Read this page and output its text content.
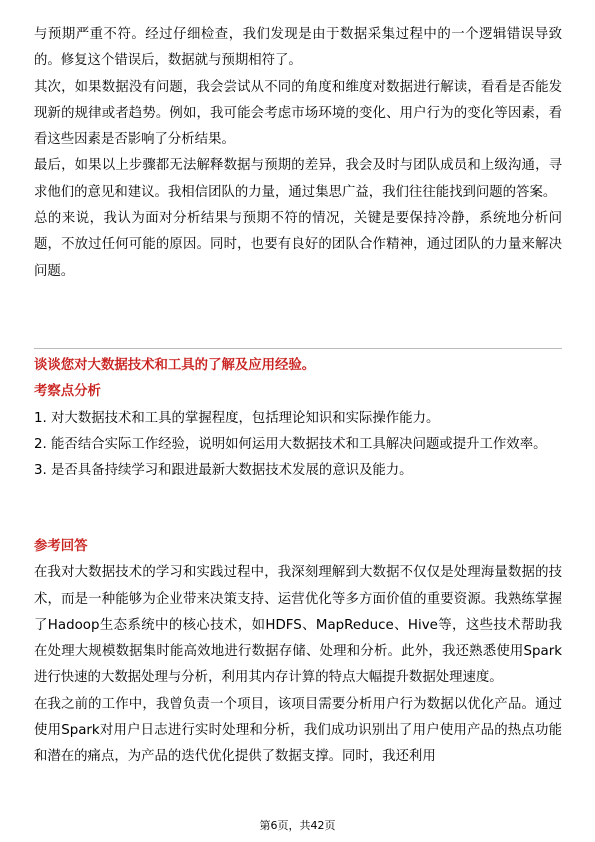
与预期严重不符。经过仔细检查，我们发现是由于数据采集过程中的一个逻辑错误导致的。修复这个错误后，数据就与预期相符了。

其次，如果数据没有问题，我会尝试从不同的角度和维度对数据进行解读，看看是否能发现新的规律或者趋势。例如，我可能会考虑市场环境的变化、用户行为的变化等因素，看看这些因素是否影响了分析结果。

最后，如果以上步骤都无法解释数据与预期的差异，我会及时与团队成员和上级沟通，寻求他们的意见和建议。我相信团队的力量，通过集思广益，我们往往能找到问题的答案。

总的来说，我认为面对分析结果与预期不符的情况，关键是要保持冷静，系统地分析问题，不放过任何可能的原因。同时，也要有良好的团队合作精神，通过团队的力量来解决问题。

谈谈您对大数据技术和工具的了解及应用经验。

考察点分析

1. 对大数据技术和工具的掌握程度，包括理论知识和实际操作能力。

2. 能否结合实际工作经验，说明如何运用大数据技术和工具解决问题或提升工作效率。

3. 是否具备持续学习和跟进最新大数据技术发展的意识及能力。

参考回答

在我对大数据技术的学习和实践过程中，我深刻理解到大数据不仅仅是处理海量数据的技术，而是一种能够为企业带来决策支持、运营优化等多方面价值的重要资源。我熟练掌握了Hadoop生态系统中的核心技术，如HDFS、MapReduce、Hive等，这些技术帮助我在处理大规模数据集时能高效地进行数据存储、处理和分析。此外，我还熟悉使用Spark进行快速的大数据处理与分析，利用其内存计算的特点大幅提升数据处理速度。

在我之前的工作中，我曾负责一个项目，该项目需要分析用户行为数据以优化产品。通过使用Spark对用户日志进行实时处理和分析，我们成功识别出了用户使用产品的热点功能和潜在的痛点，为产品的迭代优化提供了数据支撑。同时，我还利用

第6页，共42页
